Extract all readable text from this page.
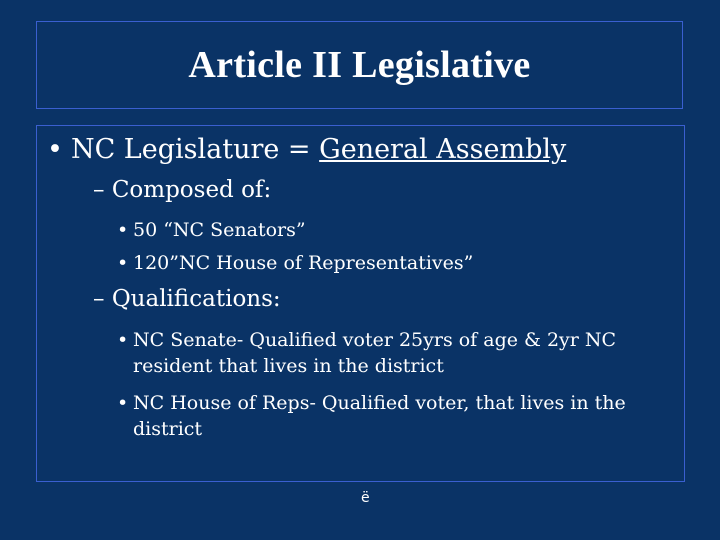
Article II Legislative
• NC Legislature = General Assembly
– Composed of:
• 50 “NC Senators”
• 120”NC House of Representatives”
– Qualifications:
• NC Senate- Qualified voter 25yrs of age & 2yr NC resident that lives in the district
• NC House of Reps- Qualified voter, that lives in the district
ë
